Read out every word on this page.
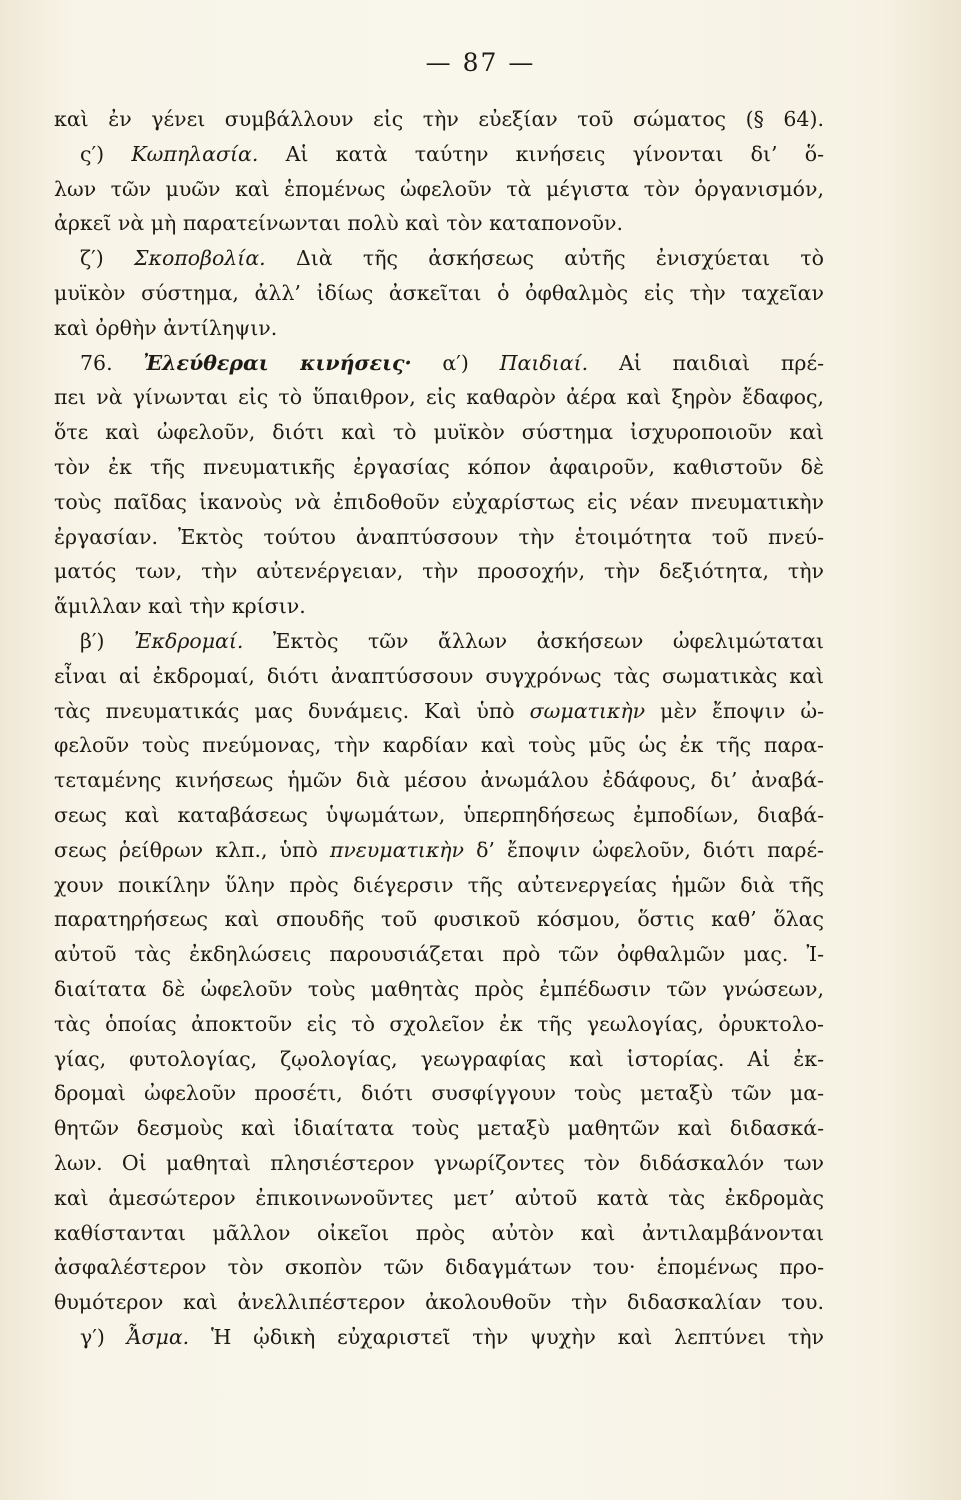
— 87 —
καὶ ἐν γένει συμβάλλουν εἰς τὴν εὐεξίαν τοῦ σώματος (§ 64).
ς′) Κωπηλασία. Αἱ κατὰ ταύτην κινήσεις γίνονται δι’ ὅ-
λων τῶν μυῶν καὶ ἑπομένως ὠφελοῦν τὰ μέγιστα τὸν ὀργανισμόν,
ἀρκεῖ νὰ μὴ παρατείνωνται πολὺ καὶ τὸν καταπονοῦν.
ζ′) Σκοποβολία. Διὰ τῆς ἀσκήσεως αὐτῆς ἐνισχύεται τὸ
μυϊκὸν σύστημα, ἀλλ’ ἰδίως ἀσκεῖται ὁ ὀφθαλμὸς εἰς τὴν ταχεῖαν
καὶ ὀρθὴν ἀντίληψιν.
76. Ἐλεύθεραι κινήσεις· α′) Παιδιαί. Αἱ παιδιαὶ πρέ-
πει νὰ γίνωνται εἰς τὸ ὕπαιθρον, εἰς καθαρὸν ἀέρα καὶ ξηρὸν ἔδαφος,
ὅτε καὶ ὠφελοῦν, διότι καὶ τὸ μυϊκὸν σύστημα ἰσχυροποιοῦν καὶ
τὸν ἐκ τῆς πνευματικῆς ἐργασίας κόπον ἀφαιροῦν, καθιστοῦν δὲ
τοὺς παῖδας ἱκανοὺς νὰ ἐπιδοθοῦν εὐχαρίστως εἰς νέαν πνευματικὴν
ἐργασίαν. Ἐκτὸς τούτου ἀναπτύσσουν τὴν ἑτοιμότητα τοῦ πνεύ-
ματός των, τὴν αὐτενέργειαν, τὴν προσοχήν, τὴν δεξιότητα, τὴν
ἅμιλλαν καὶ τὴν κρίσιν.
β′) Ἐκδρομαί. Ἐκτὸς τῶν ἄλλων ἀσκήσεων ὠφελιμώταται
εἶναι αἱ ἐκδρομαί, διότι ἀναπτύσσουν συγχρόνως τὰς σωματικὰς καὶ
τὰς πνευματικάς μας δυνάμεις. Καὶ ὑπὸ σωματικὴν μὲν ἔποψιν ὠ-
φελοῦν τοὺς πνεύμονας, τὴν καρδίαν καὶ τοὺς μῦς ὡς ἐκ τῆς παρα-
τεταμένης κινήσεως ἡμῶν διὰ μέσου ἀνωμάλου ἐδάφους, δι’ ἀναβά-
σεως καὶ καταβάσεως ὑψωμάτων, ὑπερπηδήσεως ἐμποδίων, διαβά-
σεως ῥείθρων κλπ., ὑπὸ πνευματικὴν δ’ ἔποψιν ὠφελοῦν, διότι παρέ-
χουν ποικίλην ὕλην πρὸς διέγερσιν τῆς αὐτενεργείας ἡμῶν διὰ τῆς
παρατηρήσεως καὶ σπουδῆς τοῦ φυσικοῦ κόσμου, ὅστις καθ’ ὅλας
αὐτοῦ τὰς ἐκδηλώσεις παρουσιάζεται πρὸ τῶν ὀφθαλμῶν μας. Ἰ-
διαίτατα δὲ ὠφελοῦν τοὺς μαθητὰς πρὸς ἐμπέδωσιν τῶν γνώσεων,
τὰς ὁποίας ἀποκτοῦν εἰς τὸ σχολεῖον ἐκ τῆς γεωλογίας, ὀρυκτολο-
γίας, φυτολογίας, ζῳολογίας, γεωγραφίας καὶ ἱστορίας. Αἱ ἐκ-
δρομαὶ ὠφελοῦν προσέτι, διότι συσφίγγουν τοὺς μεταξὺ τῶν μα-
θητῶν δεσμοὺς καὶ ἰδιαίτατα τοὺς μεταξὺ μαθητῶν καὶ διδασκά-
λων. Οἱ μαθηταὶ πλησιέστερον γνωρίζοντες τὸν διδάσκαλόν των
καὶ ἀμεσώτερον ἐπικοινωνοῦντες μετ’ αὐτοῦ κατὰ τὰς ἐκδρομὰς
καθίστανται μᾶλλον οἰκεῖοι πρὸς αὐτὸν καὶ ἀντιλαμβάνονται
ἀσφαλέστερον τὸν σκοπὸν τῶν διδαγμάτων του· ἑπομένως προ-
θυμότερον καὶ ἀνελλιπέστερον ἀκολουθοῦν τὴν διδασκαλίαν του.
γ′) Ἆσμα. Ἡ ᾠδικὴ εὐχαριστεῖ τὴν ψυχὴν καὶ λεπτύνει τὴν
